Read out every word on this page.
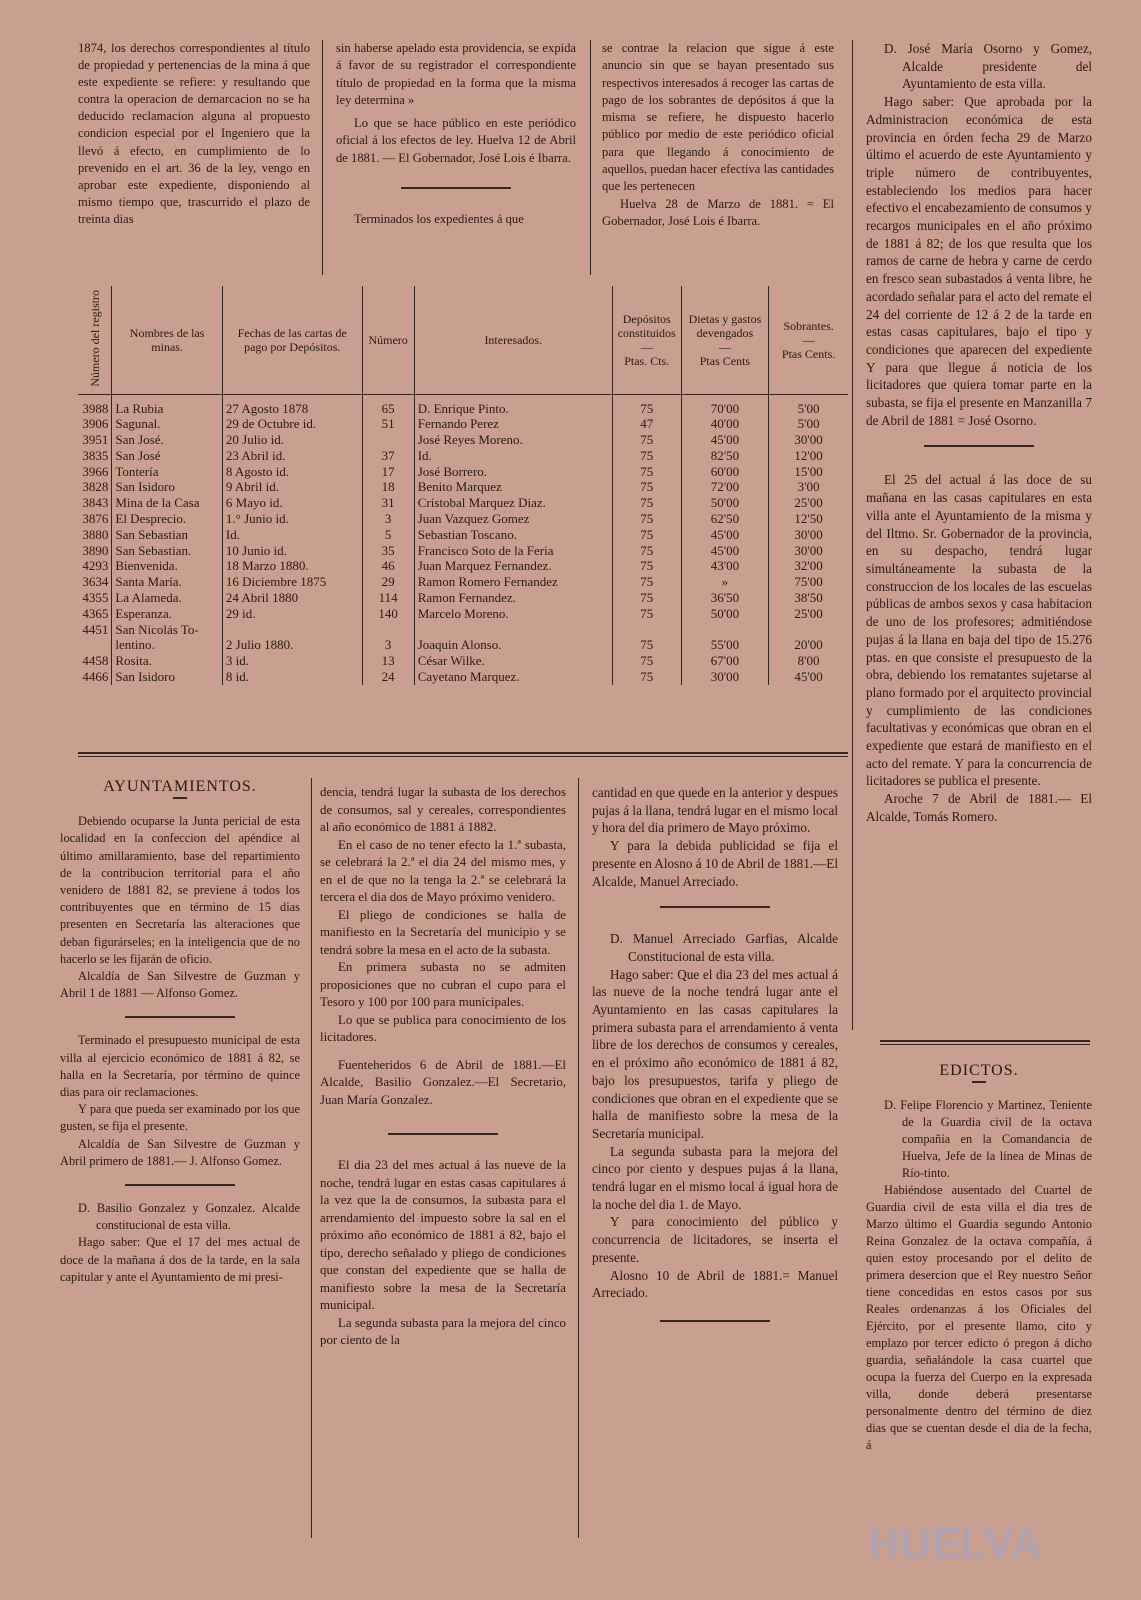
1874, los derechos correspondientes al título de propiedad y pertenencias de la mina á que este expediente se refiere: y resultando que contra la operacion de demarcacion no se ha deducido reclamacion alguna al propuesto condicion especial por el Ingeniero que la llevó á efecto, en cumplimiento de lo prevenido en el art. 36 de la ley, vengo en aprobar este expediente, disponiendo al mismo tiempo que, trascurrido el plazo de treinta dias

sin haberse apelado esta providencia, se expida á favor de su registrador el correspondiente título de propiedad en la forma que la misma ley determina »

Lo que se hace público en este periódico oficial á los efectos de ley. Huelva 12 de Abril de 1881. — El Gobernador, José Lois é Ibarra.

Terminados los expedientes á que

se contrae la relacion que sigue á este anuncio sin que se hayan presentado sus respectivos interesados á recoger las cartas de pago de los sobrantes de depósitos á que la misma se refiere, he dispuesto hacerlo público por medio de este periódico oficial para que llegando á conocimiento de aquellos, puedan hacer efectiva las cantidades que les pertenecen

Huelva 28 de Marzo de 1881. = El Gobernador, José Lois é Ibarra.

D. José María Osorno y Gomez, Alcalde presidente del Ayuntamiento de esta villa.

Hago saber: Que aprobada por la Administracion económica de esta provincia en órden fecha 29 de Marzo último el acuerdo de este Ayuntamiento y triple número de contribuyentes, estableciendo los medios para hacer efectivo el encabezamiento de consumos y recargos municipales en el año próximo de 1881 á 82; de los que resulta que los ramos de carne de hebra y carne de cerdo en fresco sean subastados á venta libre, he acordado señalar para el acto del remate el 24 del corriente de 12 á 2 de la tarde en estas casas capitulares, bajo el tipo y condiciones que aparecen del expediente Y para que llegue á noticia de los licitadores que quiera tomar parte en la subasta, se fija el presente en Manzanilla 7 de Abril de 1881 = José Osorno.

El 25 del actual á las doce de su mañana en las casas capitulares en esta villa ante el Ayuntamiento de la misma y del Iltmo. Sr. Gobernador de la provincia, en su despacho, tendrá lugar simultáneamente la subasta de la construccion de los locales de las escuelas públicas de ambos sexos y casa habitacion de uno de los profesores; admitiéndose pujas á la llana en baja del tipo de 15.276 ptas. en que consiste el presupuesto de la obra, debiendo los rematantes sujetarse al plano formado por el arquitecto provincial y cumplimiento de las condiciones facultativas y económicas que obran en el expediente que estará de manifiesto en el acto del remate. Y para la concurrencia de licitadores se publica el presente.

Aroche 7 de Abril de 1881.— El Alcalde, Tomás Romero.

Número del registro	Nombres de las minas.	Fechas de las cartas de pago por Depósitos.	Número	Interesados.	Depósitos constituidos
—
Ptas. Cts.	Dietas y gastos devengados
—
Ptas Cents	Sobrantes.
—
Ptas Cents.
3988	La Rubia	27 Agosto 1878	65	D. Enrique Pinto.	75	70'00	5'00
3906	Sagunal.	29 de Octubre id.	51	Fernando Perez	47	40'00	5'00
3951	San José.	20 Julio id.		José Reyes Moreno.	75	45'00	30'00
3835	San José	23 Abril id.	37	Id.	75	82'50	12'00
3966	Tontería	8 Agosto id.	17	José Borrero.	75	60'00	15'00
3828	San Isidoro	9 Abril id.	18	Benito Marquez	75	72'00	3'00
3843	Mina de la Casa	6 Mayo id.	31	Cristobal Marquez Diaz.	75	50'00	25'00
3876	El Desprecio.	1.° Junio id.	3	Juan Vazquez Gomez	75	62'50	12'50
3880	San Sebastian	Id.	5	Sebastian Toscano.	75	45'00	30'00
3890	San Sebastian.	10 Junio id.	35	Francisco Soto de la Feria	75	45'00	30'00
4293	Bienvenida.	18 Marzo 1880.	46	Juan Marquez Fernandez.	75	43'00	32'00
3634	Santa María.	16 Diciembre 1875	29	Ramon Romero Fernandez	75	»	75'00
4355	La Alameda.	24 Abril 1880	114	Ramon Fernandez.	75	36'50	38'50
4365	Esperanza.	29 id.	140	Marcelo Moreno.	75	50'00	25'00
4451	San Nicolás To-						
	lentino.	2 Julio 1880.	3	Joaquin Alonso.	75	55'00	20'00
4458	Rosita.	3 id.	13	César Wilke.	75	67'00	8'00
4466	San Isidoro	8 id.	24	Cayetano Marquez.	75	30'00	45'00
AYUNTAMIENTOS.

Debiendo ocuparse la Junta pericial de esta localidad en la confeccion del apéndice al último amillaramiento, base del repartimiento de la contribucion territorial para el año venidero de 1881 82, se previene á todos los contribuyentes que en término de 15 dias presenten en Secretaría las alteraciones que deban figurárseles; en la inteligencia que de no hacerlo se les fijarán de oficio.

Alcaldía de San Silvestre de Guzman y Abril 1 de 1881 — Alfonso Gomez.

Terminado el presupuesto municipal de esta villa al ejercicio económico de 1881 á 82, se halla en la Secretaría, por término de quince dias para oir reclamaciones.

Y para que pueda ser examinado por los que gusten, se fija el presente.

Alcaldía de San Silvestre de Guzman y Abril primero de 1881.— J. Alfonso Gomez.

D. Basilio Gonzalez y Gonzalez. Alcalde constitucional de esta villa.

Hago saber: Que el 17 del mes actual de doce de la mañana á dos de la tarde, en la sala capitular y ante el Ayuntamiento de mi presi-

dencia, tendrá lugar la subasta de los derechos de consumos, sal y cereales, correspondientes al año económico de 1881 á 1882.

En el caso de no tener efecto la 1.ª subasta, se celebrará la 2.ª el dia 24 del mismo mes, y en el de que no la tenga la 2.ª se celebrará la tercera el dia dos de Mayo próximo venidero.

El pliego de condiciones se halla de manifiesto en la Secretaría del municipio y se tendrá sobre la mesa en el acto de la subasta.

En primera subasta no se admiten proposiciones que no cubran el cupo para el Tesoro y 100 por 100 para municipales.

Lo que se publica para conocimiento de los licitadores.

Fuenteheridos 6 de Abril de 1881.—El Alcalde, Basilio Gonzalez.—El Secretario, Juan María Gonzalez.

El dia 23 del mes actual á las nueve de la noche, tendrá lugar en estas casas capitulares á la vez que la de consumos, la subasta para el arrendamiento del impuesto sobre la sal en el próximo año económico de 1881 á 82, bajo el tipo, derecho señalado y pliego de condiciones que constan del expediente que se halla de manifiesto sobre la mesa de la Secretaría municipal.

La segunda subasta para la mejora del cinco por ciento de la

cantidad en que quede en la anterior y despues pujas á la llana, tendrá lugar en el mismo local y hora del dia primero de Mayo próximo.

Y para la debida publicidad se fija el presente en Alosno á 10 de Abril de 1881.—El Alcalde, Manuel Arreciado.

D. Manuel Arreciado Garfias, Alcalde Constitucional de esta villa.

Hago saber: Que el dia 23 del mes actual á las nueve de la noche tendrá lugar ante el Ayuntamiento en las casas capitulares la primera subasta para el arrendamiento á venta libre de los derechos de consumos y cereales, en el próximo año económico de 1881 á 82, bajo los presupuestos, tarifa y pliego de condiciones que obran en el expediente que se halla de manifiesto sobre la mesa de la Secretaría municipal.

La segunda subasta para la mejora del cinco por ciento y despues pujas á la llana, tendrá lugar en el mismo local á igual hora de la noche del dia 1. de Mayo.

Y para conocimiento del público y concurrencia de licitadores, se inserta el presente.

Alosno 10 de Abril de 1881.= Manuel Arreciado.

EDICTOS.

D. Felipe Florencio y Martinez, Teniente de la Guardia civil de la octava compañía en la Comandancia de Huelva, Jefe de la línea de Minas de Río-tinto.

Habiéndose ausentado del Cuartel de Guardia civil de esta villa el dia tres de Marzo último el Guardia segundo Antonio Reina Gonzalez de la octava compañía, á quien estoy procesando por el delito de primera desercion que el Rey nuestro Señor tiene concedidas en estos casos por sus Reales ordenanzas á los Oficiales del Ejército, por el presente llamo, cito y emplazo por tercer edicto ó pregon á dicho guardia, señalándole la casa cuartel que ocupa la fuerza del Cuerpo en la expresada villa, donde deberá presentarse personalmente dentro del término de diez dias que se cuentan desde el dia de la fecha, á

HUELVA
